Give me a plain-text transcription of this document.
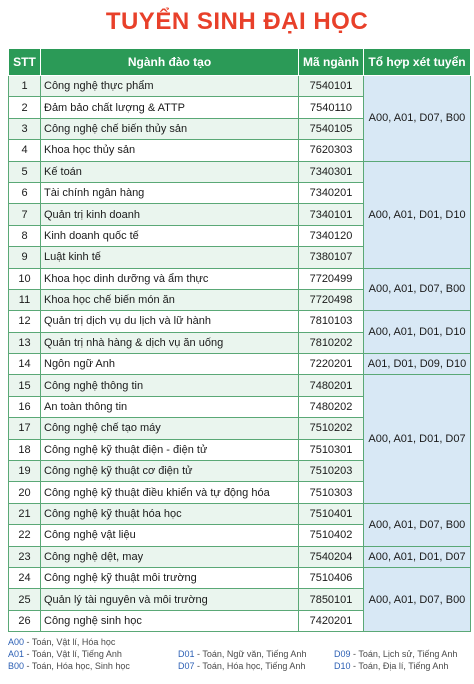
TUYỂN SINH ĐẠI HỌC
STT	Ngành đào tạo	Mã ngành	Tổ hợp xét tuyển
1	Công nghệ thực phẩm	7540101	A00, A01, D07, B00
2	Đảm bảo chất lượng & ATTP	7540110	
3	Công nghệ chế biến thủy sản	7540105	
4	Khoa học thủy sản	7620303	
5	Kế toán	7340301	A00, A01, D01, D10
6	Tài chính ngân hàng	7340201	
7	Quản trị kinh doanh	7340101	
8	Kinh doanh quốc tế	7340120	
9	Luật kinh tế	7380107	
10	Khoa học dinh dưỡng và ẩm thực	7720499	A00, A01, D07, B00
11	Khoa học chế biến món ăn	7720498	
12	Quản trị dịch vụ du lịch và lữ hành	7810103	A00, A01, D01, D10
13	Quản trị nhà hàng & dịch vụ ăn uống	7810202	
14	Ngôn ngữ Anh	7220201	A01, D01, D09, D10
15	Công nghệ thông tin	7480201	A00, A01, D01, D07
16	An toàn thông tin	7480202	
17	Công nghệ chế tạo máy	7510202	
18	Công nghệ kỹ thuật điện - điện tử	7510301	
19	Công nghệ kỹ thuật cơ điện tử	7510203	
20	Công nghệ kỹ thuật điều khiển và tự động hóa	7510303	
21	Công nghệ kỹ thuật hóa học	7510401	A00, A01, D07, B00
22	Công nghệ vật liệu	7510402	
23	Công nghệ dệt, may	7540204	A00, A01, D01, D07
24	Công nghệ kỹ thuật môi trường	7510406	A00, A01, D07, B00
25	Quản lý tài nguyên và môi trường	7850101	
26	Công nghệ sinh học	7420201	
A00 - Toán, Vật lí, Hóa học
A01 - Toán, Vật lí, Tiếng Anh
B00 - Toán, Hóa học, Sinh học
D01 - Toán, Ngữ văn, Tiếng Anh
D07 - Toán, Hóa học, Tiếng Anh
D09 - Toán, Lịch sử, Tiếng Anh
D10 - Toán, Địa lí, Tiếng Anh
